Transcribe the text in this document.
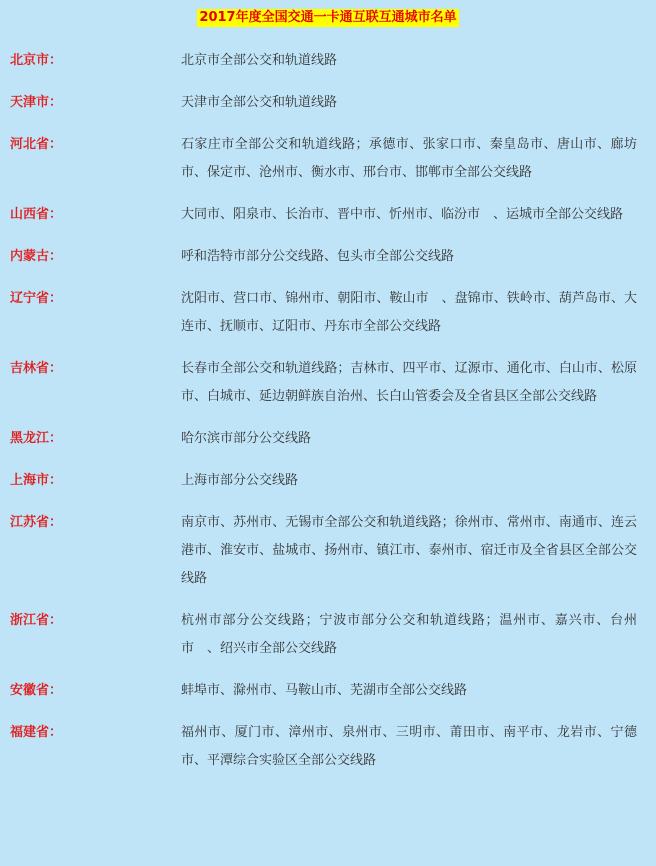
2017年度全国交通一卡通互联互通城市名单
北京市：	北京市全部公交和轨道线路
天津市：	天津市全部公交和轨道线路
河北省：	石家庄市全部公交和轨道线路；承德市、张家口市、秦皇岛市、唐山市、廊坊市、保定市、沧州市、衡水市、邢台市、邯郸市全部公交线路
山西省：	大同市、阳泉市、长治市、晋中市、忻州市、临汾市　、运城市全部公交线路
内蒙古：	呼和浩特市部分公交线路、包头市全部公交线路
辽宁省：	沈阳市、营口市、锦州市、朝阳市、鞍山市　、盘锦市、铁岭市、葫芦岛市、大连市、抚顺市、辽阳市、丹东市全部公交线路
吉林省：	长春市全部公交和轨道线路；吉林市、四平市、辽源市、通化市、白山市、松原市、白城市、延边朝鲜族自治州、长白山管委会及全省县区全部公交线路
黑龙江：	哈尔滨市部分公交线路
上海市：	上海市部分公交线路
江苏省：	南京市、苏州市、无锡市全部公交和轨道线路；徐州市、常州市、南通市、连云港市、淮安市、盐城市、扬州市、镇江市、泰州市、宿迁市及全省县区全部公交线路
浙江省：	杭州市部分公交线路；宁波市部分公交和轨道线路；温州市、嘉兴市、台州市　、绍兴市全部公交线路
安徽省：	蚌埠市、滁州市、马鞍山市、芜湖市全部公交线路
福建省：	福州市、厦门市、漳州市、泉州市、三明市、莆田市、南平市、龙岩市、宁德市、平潭综合实验区全部公交线路
